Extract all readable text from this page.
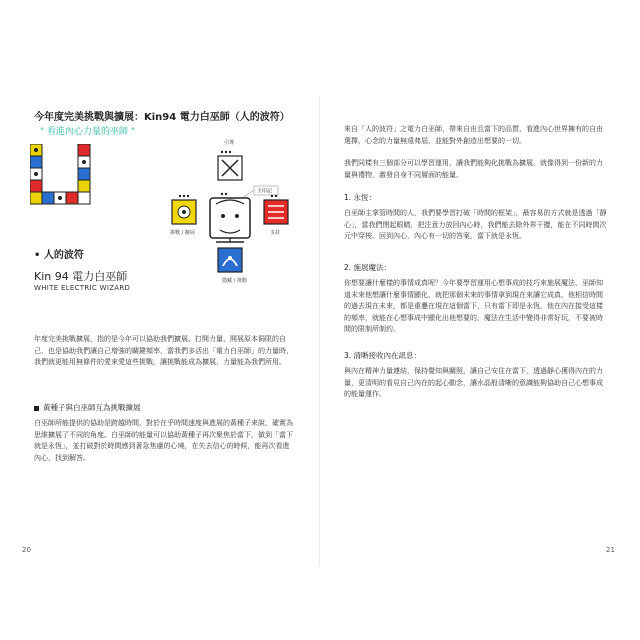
今年度完美挑戰與擴展：Kin94 電力白巫師（人的波符）
" 看進內心力量的巫師 "
• 人的波符
Kin 94 電力白巫師
WHITE ELECTRIC WIZARD
引導
主印記
挑戰 / 擴展	支持
隱藏 / 推動
年度完美挑戰擴展，指的是今年可以協助我們擴展、打開力量、開展原本侷限的自己，也是協助我們讓自己增強的關鍵頻率，當我們多活出「電力白巫師」的力量時，我們就更能用無條件的愛來愛這些挑戰，讓挑戰能成為擴展，力量能為我們所用。
黃種子與白巫師互為挑戰擴展
白巫師所能提供的協助是跨越時間，對於在乎時間速度與進展的黃種子來說，確實為思維擴展了不同的角度。白巫師的能量可以協助黃種子再次聚焦於當下，做到「當下就是永恆」，並打破對於時間感到著急焦慮的心境，在失去信心的時候，能再次看進內心，找到解答。
20
來自「人的波符」之電力白巫師，帶來自由且當下的品質，看進內心世界擁有的自由選擇，心念的力量無遠弗屆，並能對外創造出想要的一切。
我們同樣有三個部分可以學習運用，讓我們能夠化挑戰為擴展，就像得到一份新的力量與禮物，激發自身不同層面的能量。
1. 永恆：
白巫師主掌管時間的人，我們要學習打破「時間的框架」，最容易的方式就是透過「靜心」，當我們閉起眼睛，把注意力放回內心時，我們能去除外界干擾，能在不同時間次元中穿梭。回到內心，內心有一切的答案，當下就是永恆。
2. 施展魔法：
你想要讓什麼樣的事情成真呢？今年要學習運用心想事成的技巧來施展魔法，巫師知道未來他想讓什麼事情顯化，就把那個未來的事情拿到現在來讓它成真，他相信時間的過去現在未來，都是重疊在現在這個當下，只有當下即是永恆，他在內在接受這樣的頻率，就能在心想事成中顯化出他想要的，魔法在生活中變得非常好玩，不要被時間的限制所制約。
3. 清晰接收內在訊息：
與內在精神力量連結，保持覺知與關照，讓自己安住在當下，透過靜心獲得內在的力量，更清明的看見自己內在的起心動念，讓水晶般清晰的意識能夠協助自己心想事成的能量運作。
21
